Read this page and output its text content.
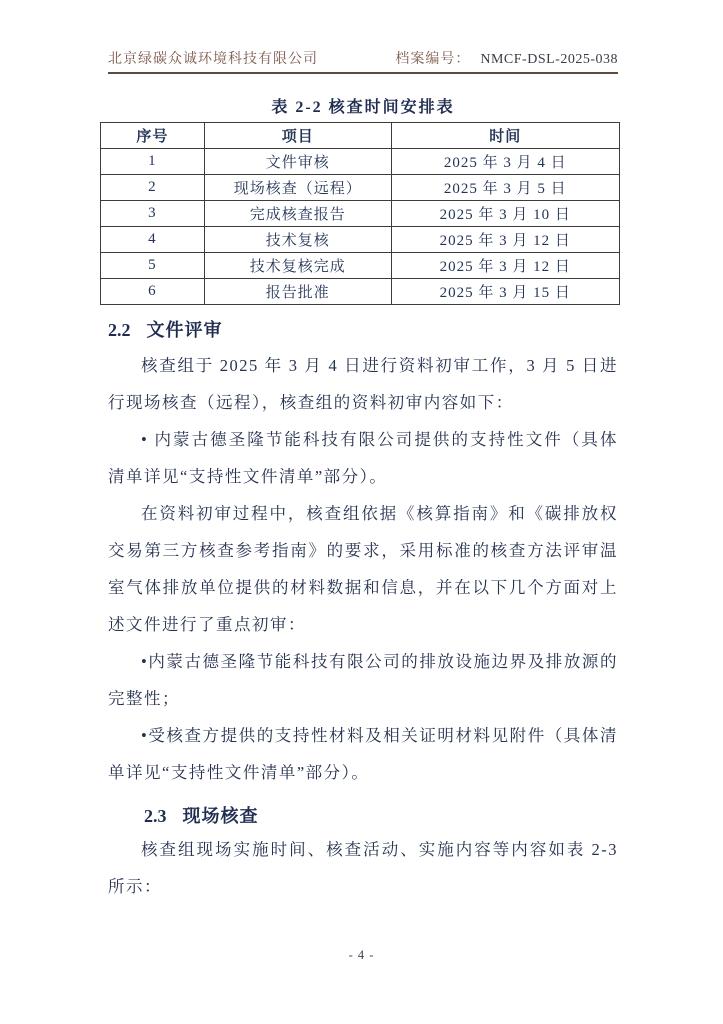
北京绿碳众诚环境科技有限公司	档案编号： NMCF-DSL-2025-038
表 2-2 核查时间安排表
序号	项目	时间
1	文件审核	2025 年 3 月 4 日
2	现场核查（远程）	2025 年 3 月 5 日
3	完成核查报告	2025 年 3 月 10 日
4	技术复核	2025 年 3 月 12 日
5	技术复核完成	2025 年 3 月 12 日
6	报告批准	2025 年 3 月 15 日
2.2 文件评审

核查组于 2025 年 3 月 4 日进行资料初审工作，3 月 5 日进行现场核查（远程），核查组的资料初审内容如下：

• 内蒙古德圣隆节能科技有限公司提供的支持性文件（具体清单详见“支持性文件清单”部分）。

在资料初审过程中，核查组依据《核算指南》和《碳排放权交易第三方核查参考指南》的要求，采用标准的核查方法评审温室气体排放单位提供的材料数据和信息，并在以下几个方面对上述文件进行了重点初审：

•内蒙古德圣隆节能科技有限公司的排放设施边界及排放源的完整性；

•受核查方提供的支持性材料及相关证明材料见附件（具体清单详见“支持性文件清单”部分）。

2.3 现场核查

核查组现场实施时间、核查活动、实施内容等内容如表 2-3 所示：

- 4 -
